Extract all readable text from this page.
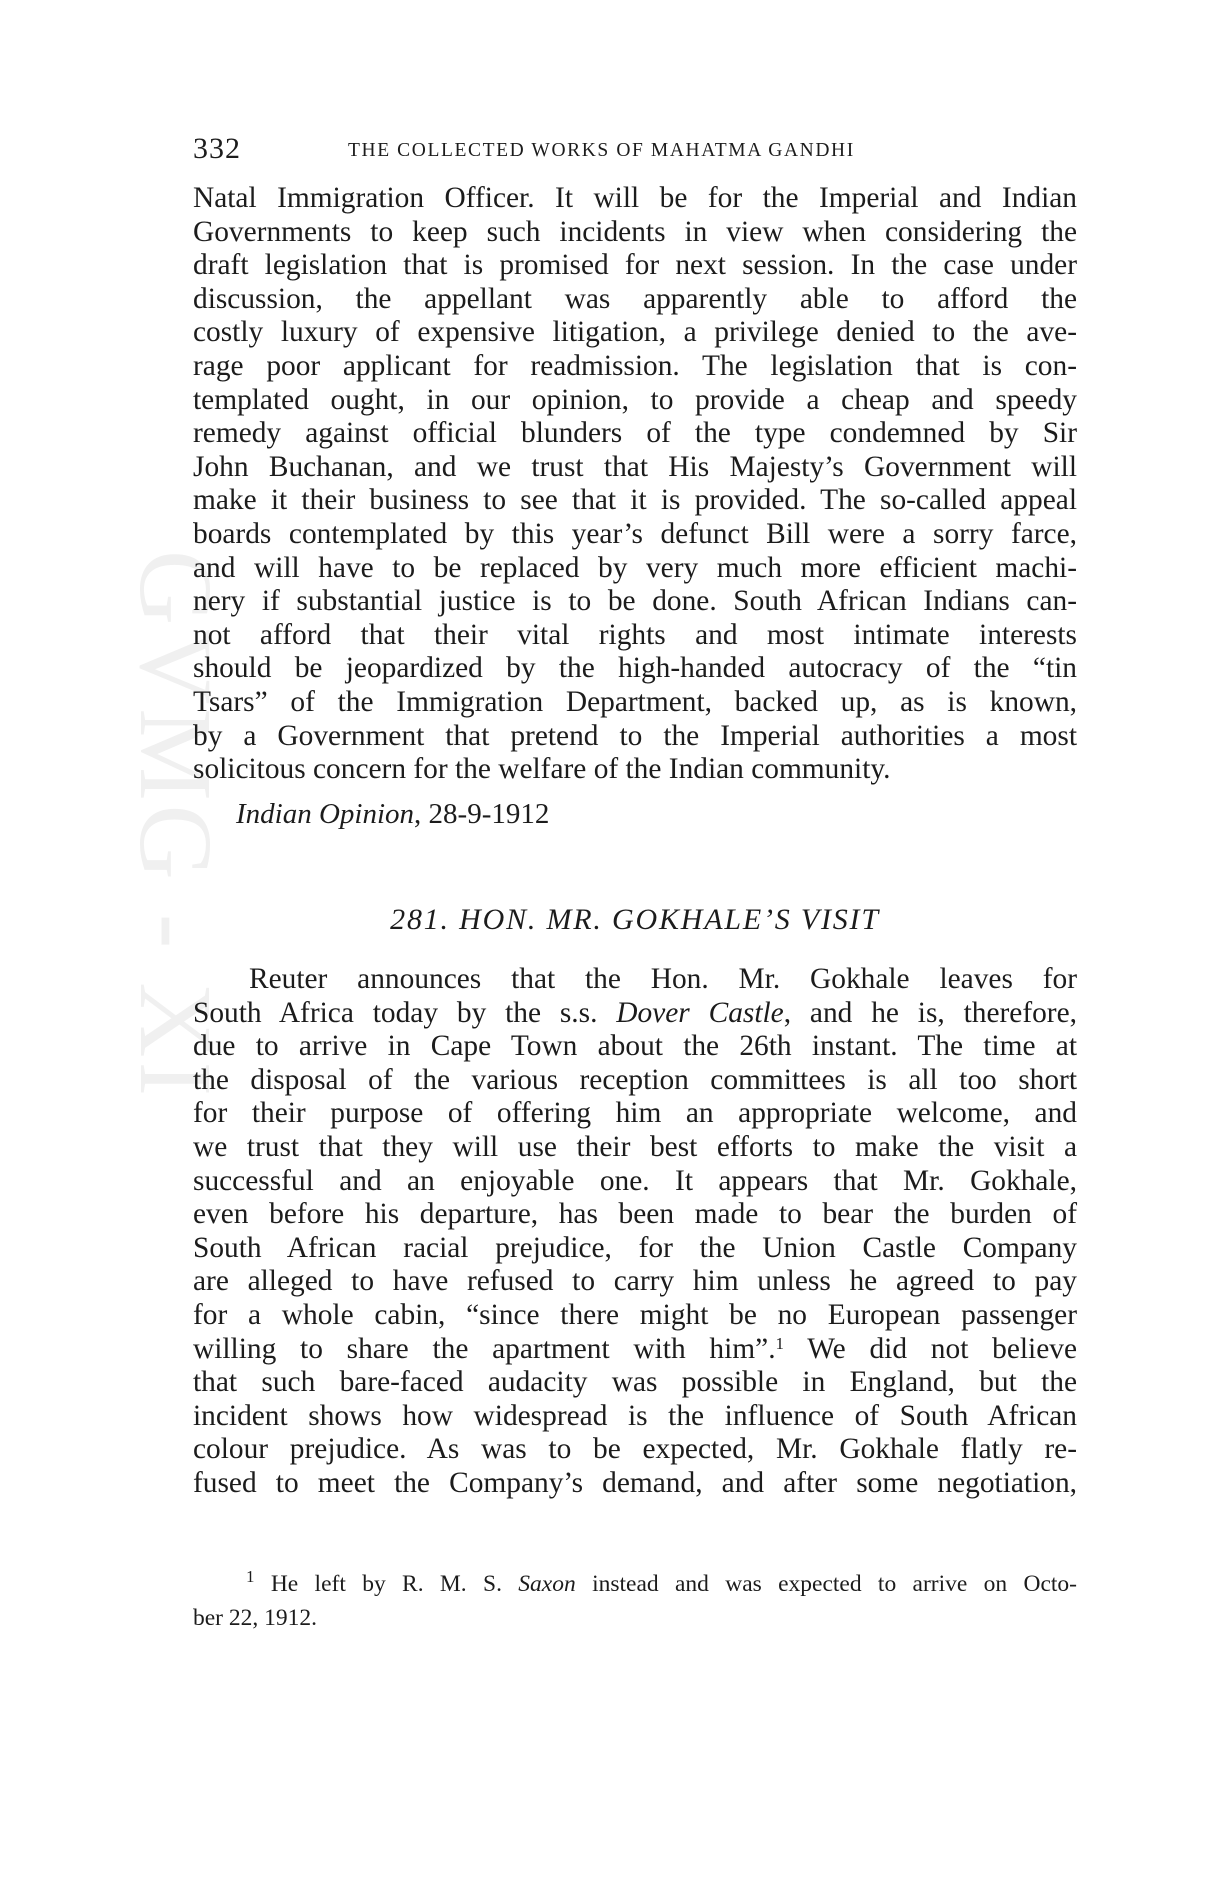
GVMG - XI
332	THE COLLECTED WORKS OF MAHATMA GANDHI
Natal Immigration Officer. It will be for the Imperial and Indian
Governments to keep such incidents in view when considering the
draft legislation that is promised for next session. In the case under
discussion, the appellant was apparently able to afford the
costly luxury of expensive litigation, a privilege denied to the ave-
rage poor applicant for readmission. The legislation that is con-
templated ought, in our opinion, to provide a cheap and speedy
remedy against official blunders of the type condemned by Sir
John Buchanan, and we trust that His Majesty’s Government will
make it their business to see that it is provided. The so-called appeal
boards contemplated by this year’s defunct Bill were a sorry farce,
and will have to be replaced by very much more efficient machi-
nery if substantial justice is to be done. South African Indians can-
not afford that their vital rights and most intimate interests
should be jeopardized by the high-handed autocracy of the “tin
Tsars” of the Immigration Department, backed up, as is known,
by a Government that pretend to the Imperial authorities a most
solicitous concern for the welfare of the Indian community.
Indian Opinion, 28-9-1912
281. HON. MR. GOKHALE’S VISIT
Reuter announces that the Hon. Mr. Gokhale leaves for
South Africa today by the s.s. Dover Castle, and he is, therefore,
due to arrive in Cape Town about the 26th instant. The time at
the disposal of the various reception committees is all too short
for their purpose of offering him an appropriate welcome, and
we trust that they will use their best efforts to make the visit a
successful and an enjoyable one. It appears that Mr. Gokhale,
even before his departure, has been made to bear the burden of
South African racial prejudice, for the Union Castle Company
are alleged to have refused to carry him unless he agreed to pay
for a whole cabin, “since there might be no European passenger
willing to share the apartment with him”.$^1$ We did not believe
that such bare-faced audacity was possible in England, but the
incident shows how widespread is the influence of South African
colour prejudice. As was to be expected, Mr. Gokhale flatly re-
fused to meet the Company’s demand, and after some negotiation,
$^1$ He left by R. M. S. Saxon instead and was expected to arrive on Octo-
ber 22, 1912.
